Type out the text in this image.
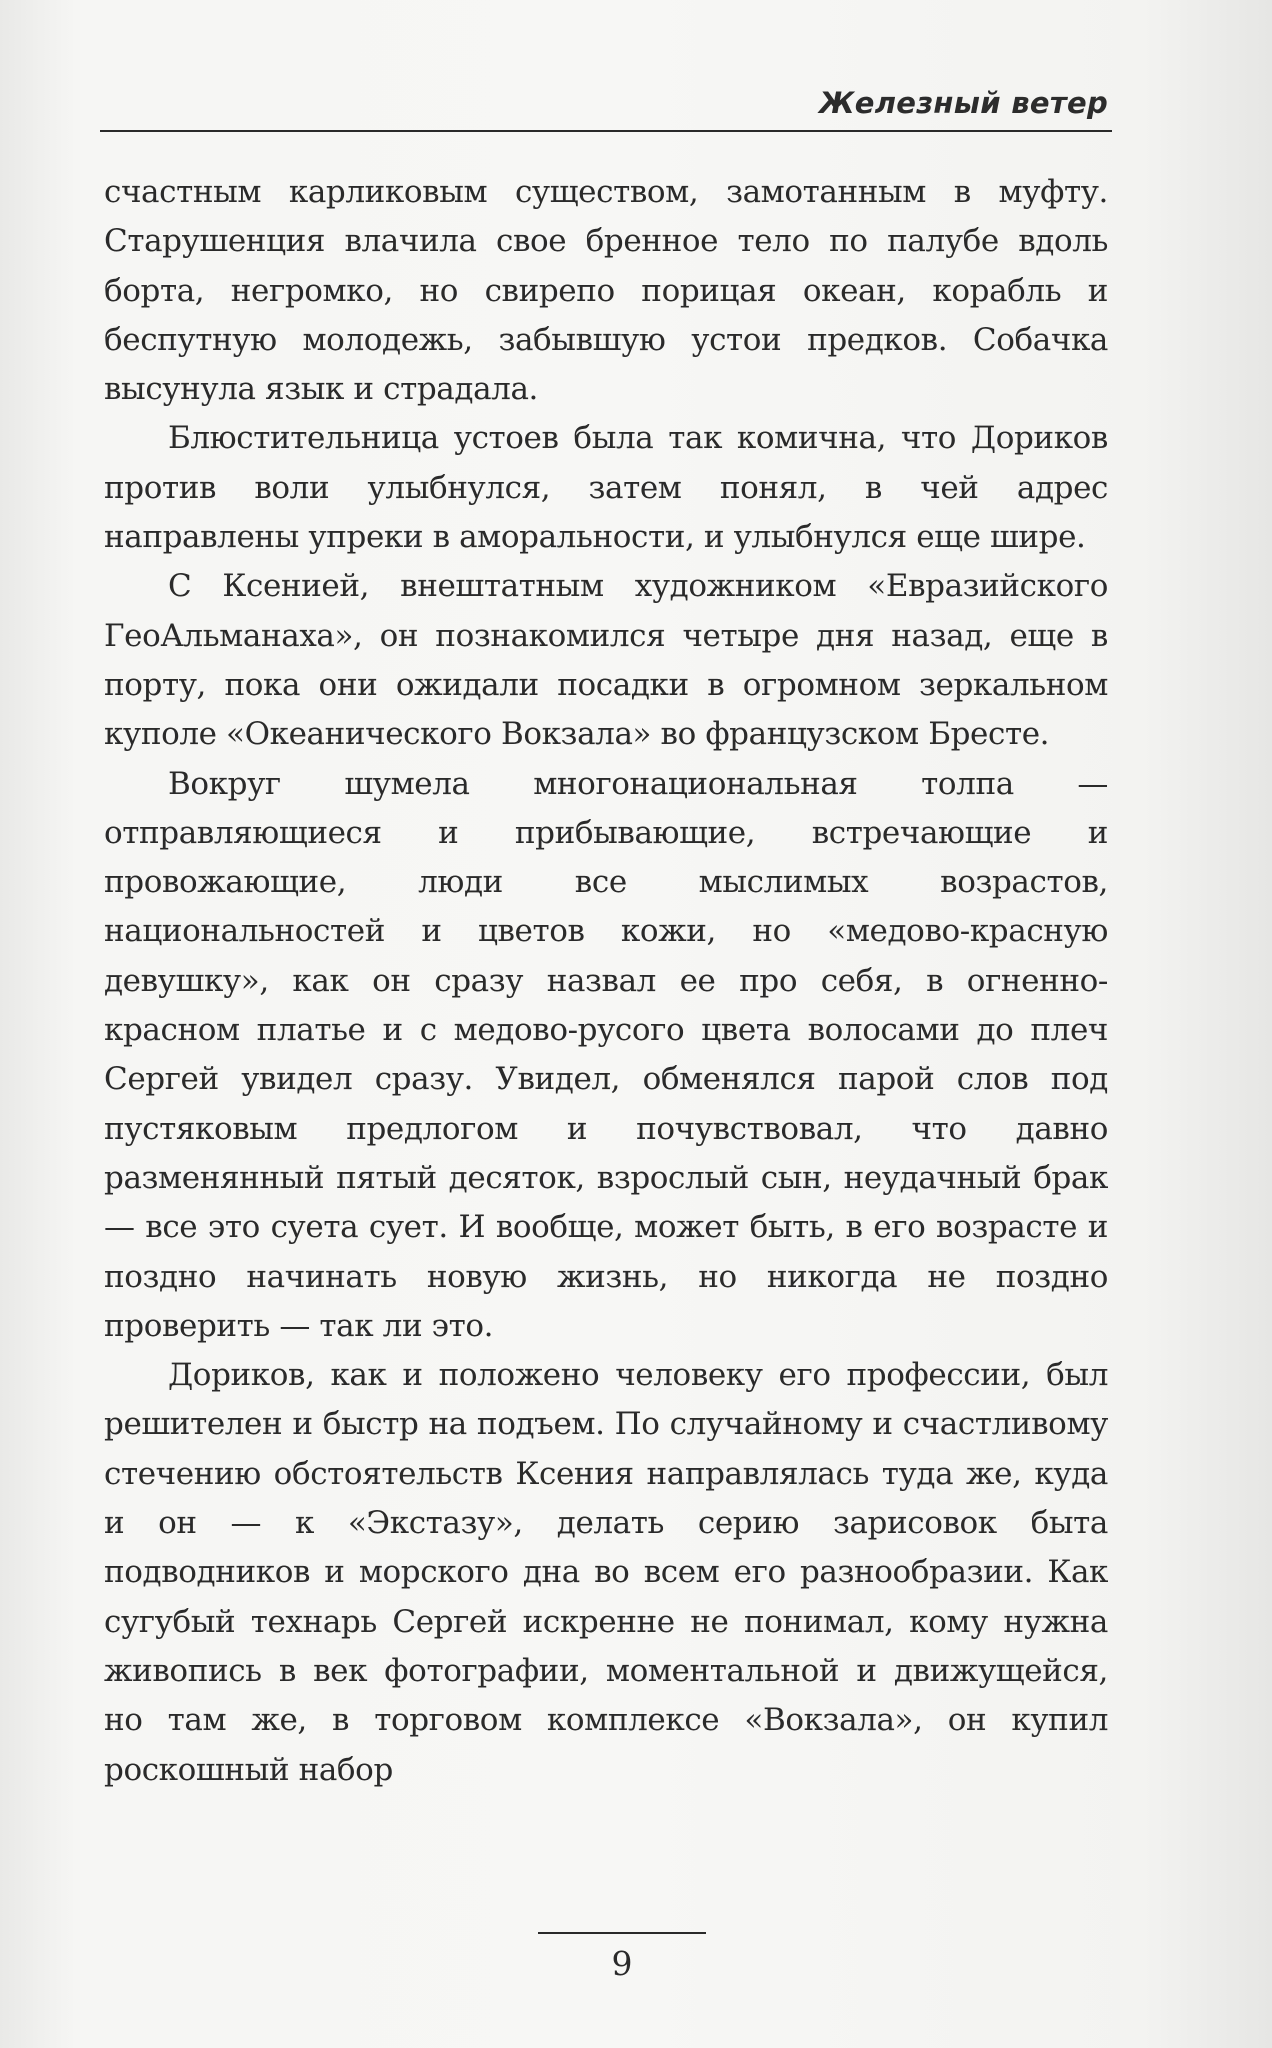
Железный ветер

счастным карликовым существом, замотанным в муфту. Старушенция влачила свое бренное тело по палубе вдоль борта, негромко, но свирепо порицая океан, корабль и беспутную молодежь, забывшую устои предков. Собачка высунула язык и страдала.

Блюстительница устоев была так комична, что Дориков против воли улыбнулся, затем понял, в чей адрес направлены упреки в аморальности, и улыбнулся еще шире.

С Ксенией, внештатным художником «Евразийского ГеоАльманаха», он познакомился четыре дня назад, еще в порту, пока они ожидали посадки в огромном зеркальном куполе «Океанического Вокзала» во французском Бресте.

Вокруг шумела многонациональная толпа — отправляющиеся и прибывающие, встречающие и провожающие, люди все мыслимых возрастов, национальностей и цветов кожи, но «медово-красную девушку», как он сразу назвал ее про себя, в огненно-красном платье и с медово-русого цвета волосами до плеч Сергей увидел сразу. Увидел, обменялся парой слов под пустяковым предлогом и почувствовал, что давно разменянный пятый десяток, взрослый сын, неудачный брак — все это суета сует. И вообще, может быть, в его возрасте и поздно начинать новую жизнь, но никогда не поздно проверить — так ли это.

Дориков, как и положено человеку его профессии, был решителен и быстр на подъем. По случайному и счастливому стечению обстоятельств Ксения направлялась туда же, куда и он — к «Экстазу», делать серию зарисовок быта подводников и морского дна во всем его разнообразии. Как сугубый технарь Сергей искренне не понимал, кому нужна живопись в век фотографии, моментальной и движущейся, но там же, в торговом комплексе «Вокзала», он купил роскошный набор

9
